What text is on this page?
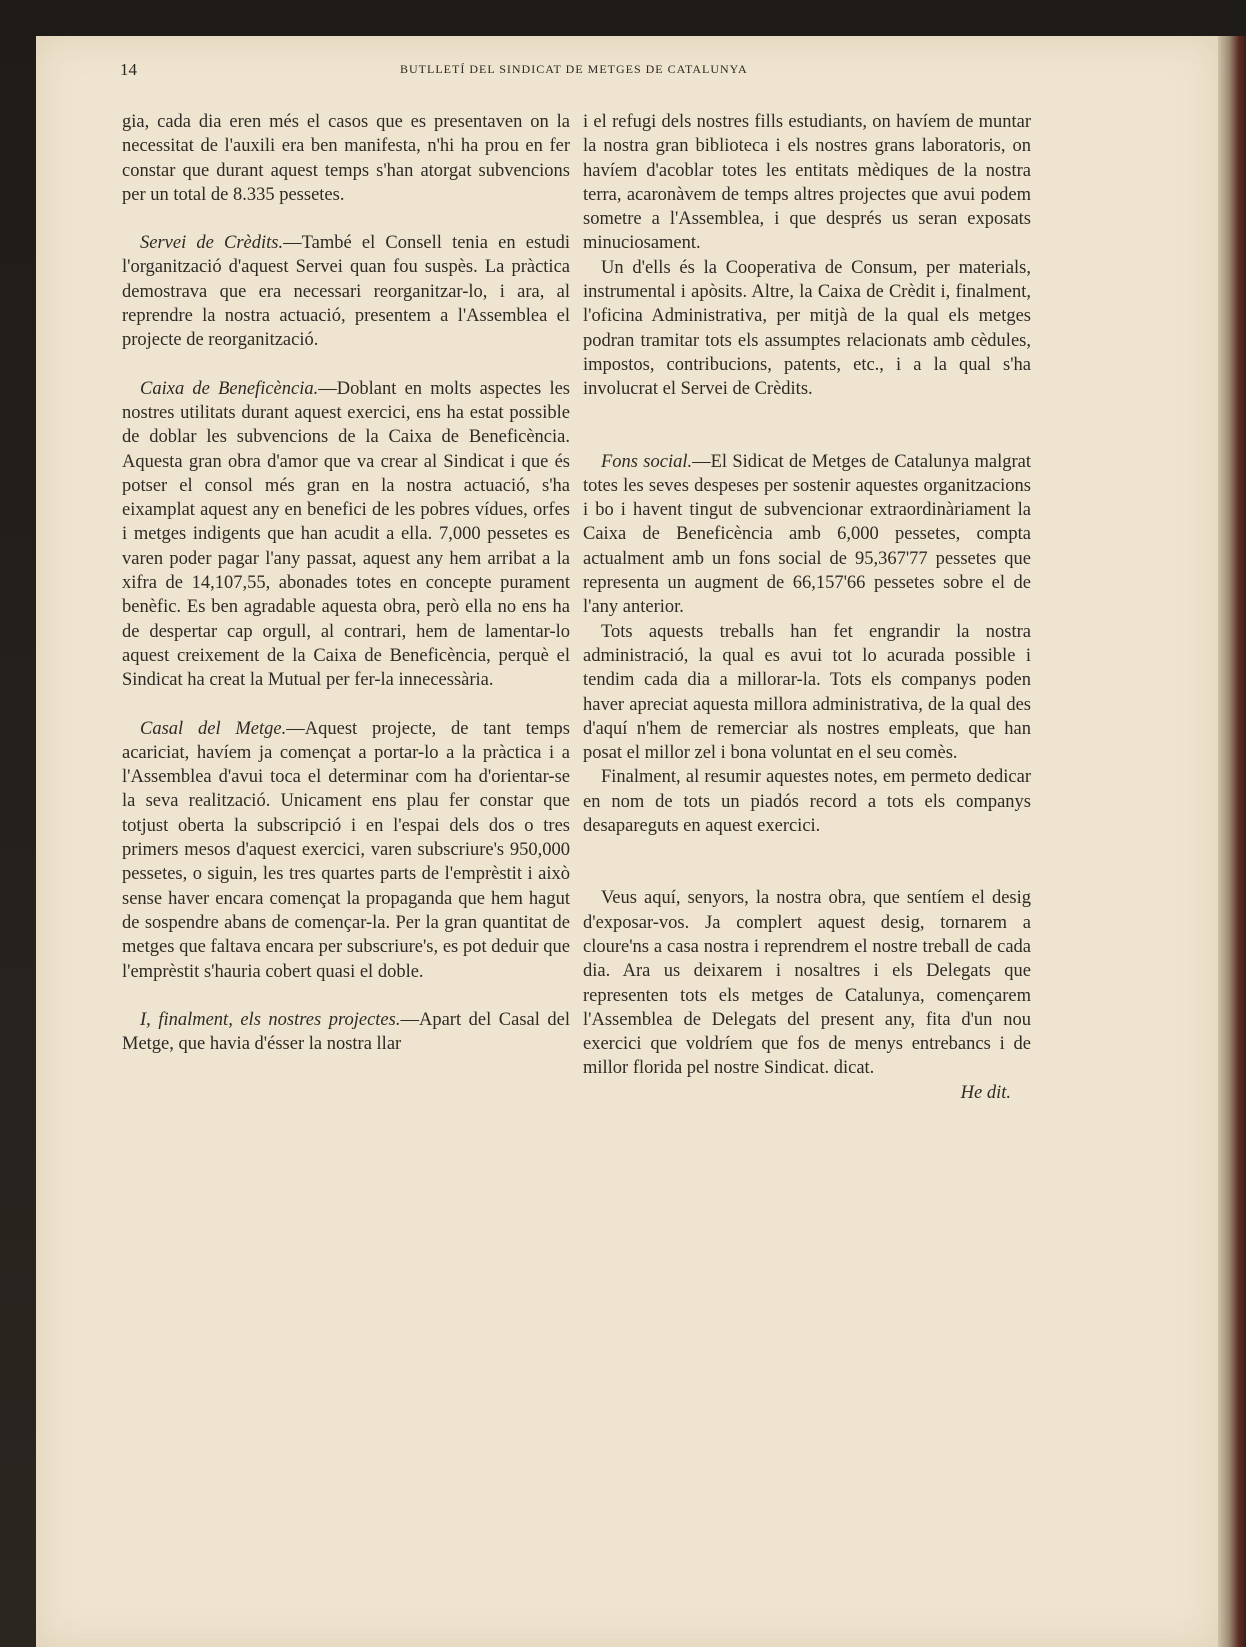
14	BUTLLETÍ DEL SINDICAT DE METGES DE CATALUNYA

gia, cada dia eren més el casos que es presentaven on la necessitat de l'auxili era ben manifesta, n'hi ha prou en fer constar que durant aquest temps s'han atorgat subvencions per un total de 8.335 pessetes.

Servei de Crèdits.—També el Consell tenia en estudi l'organització d'aquest Servei quan fou suspès. La pràctica demostrava que era necessari reorganitzar-lo, i ara, al reprendre la nostra actuació, presentem a l'Assemblea el projecte de reorganització.

Caixa de Beneficència.—Doblant en molts aspectes les nostres utilitats durant aquest exercici, ens ha estat possible de doblar les subvencions de la Caixa de Beneficència. Aquesta gran obra d'amor que va crear al Sindicat i que és potser el consol més gran en la nostra actuació, s'ha eixamplat aquest any en benefici de les pobres vídues, orfes i metges indigents que han acudit a ella. 7,000 pessetes es varen poder pagar l'any passat, aquest any hem arribat a la xifra de 14,107,55, abonades totes en concepte purament benèfic. Es ben agradable aquesta obra, però ella no ens ha de despertar cap orgull, al contrari, hem de lamentar-lo aquest creixement de la Caixa de Beneficència, perquè el Sindicat ha creat la Mutual per fer-la innecessària.

Casal del Metge.—Aquest projecte, de tant temps acariciat, havíem ja començat a portar-lo a la pràctica i a l'Assemblea d'avui toca el determinar com ha d'orientar-se la seva realització. Unicament ens plau fer constar que totjust oberta la subscripció i en l'espai dels dos o tres primers mesos d'aquest exercici, varen subscriure's 950,000 pessetes, o siguin, les tres quartes parts de l'emprèstit i això sense haver encara començat la propaganda que hem hagut de sospendre abans de començar-la. Per la gran quantitat de metges que faltava encara per subscriure's, es pot deduir que l'emprèstit s'hauria cobert quasi el doble.

I, finalment, els nostres projectes.—Apart del Casal del Metge, que havia d'ésser la nostra llar

i el refugi dels nostres fills estudiants, on havíem de muntar la nostra gran biblioteca i els nostres grans laboratoris, on havíem d'acoblar totes les entitats mèdiques de la nostra terra, acaronàvem de temps altres projectes que avui podem sometre a l'Assemblea, i que després us seran exposats minuciosament.

Un d'ells és la Cooperativa de Consum, per materials, instrumental i apòsits. Altre, la Caixa de Crèdit i, finalment, l'oficina Administrativa, per mitjà de la qual els metges podran tramitar tots els assumptes relacionats amb cèdules, impostos, contribucions, patents, etc., i a la qual s'ha involucrat el Servei de Crèdits.

Fons social.—El Sidicat de Metges de Catalunya malgrat totes les seves despeses per sostenir aquestes organitzacions i bo i havent tingut de subvencionar extraordinàriament la Caixa de Beneficència amb 6,000 pessetes, compta actualment amb un fons social de 95,367'77 pessetes que representa un augment de 66,157'66 pessetes sobre el de l'any anterior.

Tots aquests treballs han fet engrandir la nostra administració, la qual es avui tot lo acurada possible i tendim cada dia a millorar-la. Tots els companys poden haver apreciat aquesta millora administrativa, de la qual des d'aquí n'hem de remerciar als nostres empleats, que han posat el millor zel i bona voluntat en el seu comès.

Finalment, al resumir aquestes notes, em permeto dedicar en nom de tots un piadós record a tots els companys desapareguts en aquest exercici.

Veus aquí, senyors, la nostra obra, que sentíem el desig d'exposar-vos. Ja complert aquest desig, tornarem a cloure'ns a casa nostra i reprendrem el nostre treball de cada dia. Ara us deixarem i nosaltres i els Delegats que representen tots els metges de Catalunya, començarem l'Assemblea de Delegats del present any, fita d'un nou exercici que voldríem que fos de menys entrebancs i de millor florida pel nostre Sindicat. dicat.

He dit.
